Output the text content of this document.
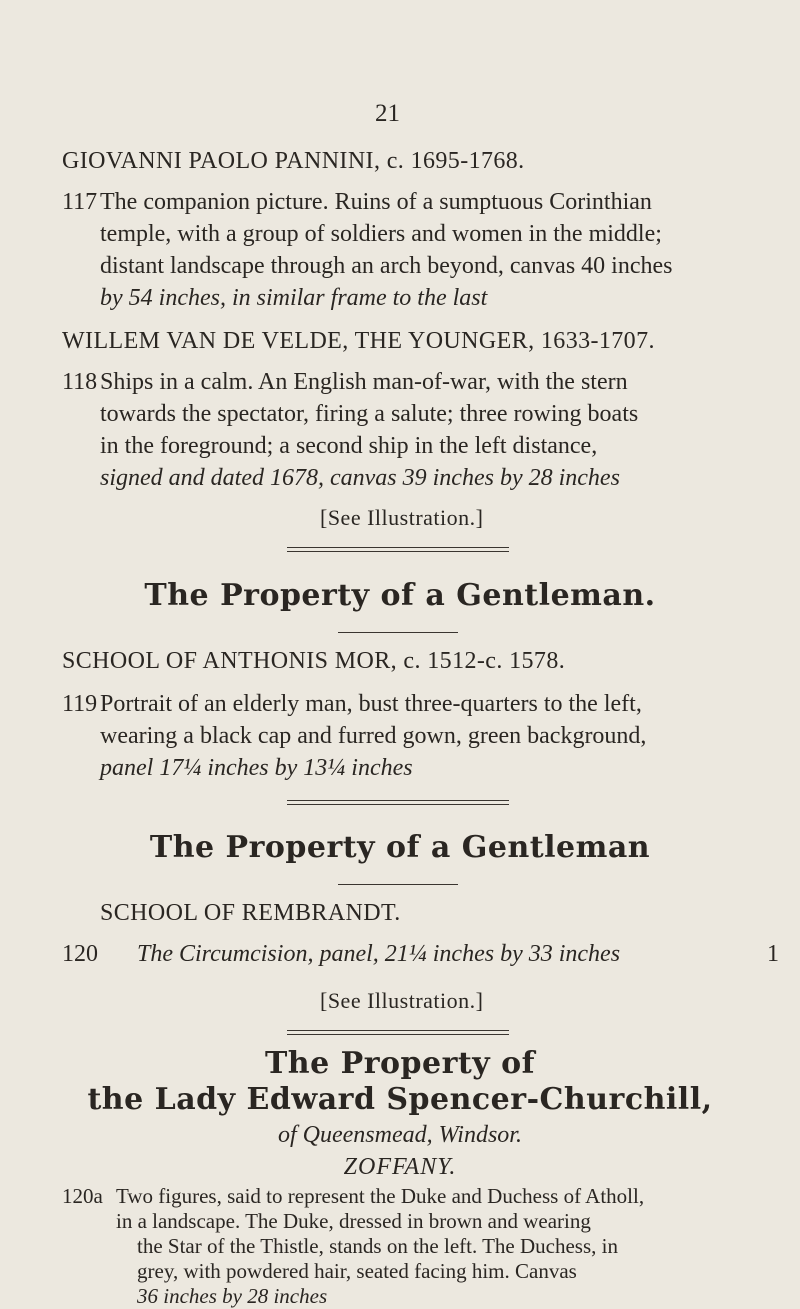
21
GIOVANNI PAOLO PANNINI, c. 1695-1768.
117 The companion picture. Ruins of a sumptuous Corinthian
temple, with a group of soldiers and women in the middle;
distant landscape through an arch beyond, canvas 40 inches
by 54 inches, in similar frame to the last
WILLEM VAN DE VELDE, THE YOUNGER, 1633-1707.
118 Ships in a calm. An English man-of-war, with the stern
towards the spectator, firing a salute; three rowing boats
in the foreground; a second ship in the left distance,
signed and dated 1678, canvas 39 inches by 28 inches
[See Illustration.]
The Property of a Gentleman.
SCHOOL OF ANTHONIS MOR, c. 1512-c. 1578.
119 Portrait of an elderly man, bust three-quarters to the left,
wearing a black cap and furred gown, green background,
panel 17¼ inches by 13¼ inches
The Property of a Gentleman
SCHOOL OF REMBRANDT.
120 The Circumcision, panel, 21¼ inches by 33 inches	1
[See Illustration.]
The Property of
the Lady Edward Spencer-Churchill,
of Queensmead, Windsor.
ZOFFANY.
120a Two figures, said to represent the Duke and Duchess of Atholl,
in a landscape. The Duke, dressed in brown and wearing
the Star of the Thistle, stands on the left. The Duchess, in
grey, with powdered hair, seated facing him. Canvas
36 inches by 28 inches
